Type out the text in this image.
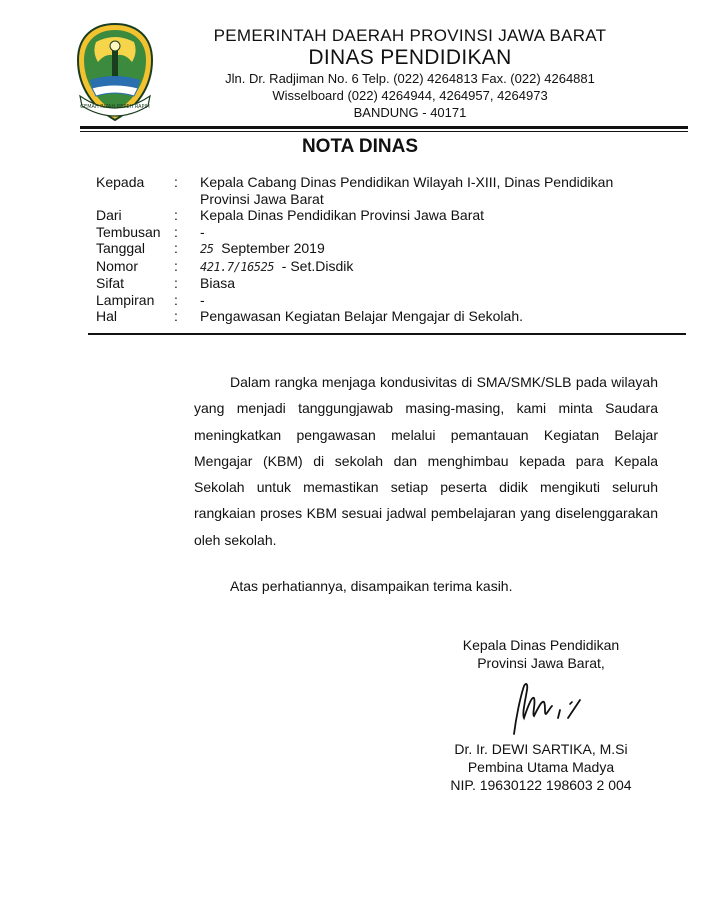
GEMAH RIPAH REPEH RAPIH
PEMERINTAH DAERAH PROVINSI JAWA BARAT
DINAS PENDIDIKAN
Jln. Dr. Radjiman No. 6 Telp. (022) 4264813 Fax. (022) 4264881
Wisselboard (022) 4264944, 4264957, 4264973
BANDUNG - 40171
NOTA DINAS
Kepada	:	Kepala Cabang Dinas Pendidikan Wilayah I-XIII, Dinas Pendidikan Provinsi Jawa Barat
Dari	:	Kepala Dinas Pendidikan Provinsi Jawa Barat
Tembusan :	-
Tanggal	:	25 September 2019
Nomor	:	421.7/16525 - Set.Disdik
Sifat	:	Biasa
Lampiran	:	-
Hal	:	Pengawasan Kegiatan Belajar Mengajar di Sekolah.

Dalam rangka menjaga kondusivitas di SMA/SMK/SLB pada wilayah yang menjadi tanggungjawab masing-masing, kami minta Saudara meningkatkan pengawasan melalui pemantauan Kegiatan Belajar Mengajar (KBM) di sekolah dan menghimbau kepada para Kepala Sekolah untuk memastikan setiap peserta didik mengikuti seluruh rangkaian proses KBM sesuai jadwal pembelajaran yang diselenggarakan oleh sekolah.

Atas perhatiannya, disampaikan terima kasih.

Kepala Dinas Pendidikan
Provinsi Jawa Barat,
Dr. Ir. DEWI SARTIKA, M.Si
Pembina Utama Madya
NIP. 19630122 198603 2 004
